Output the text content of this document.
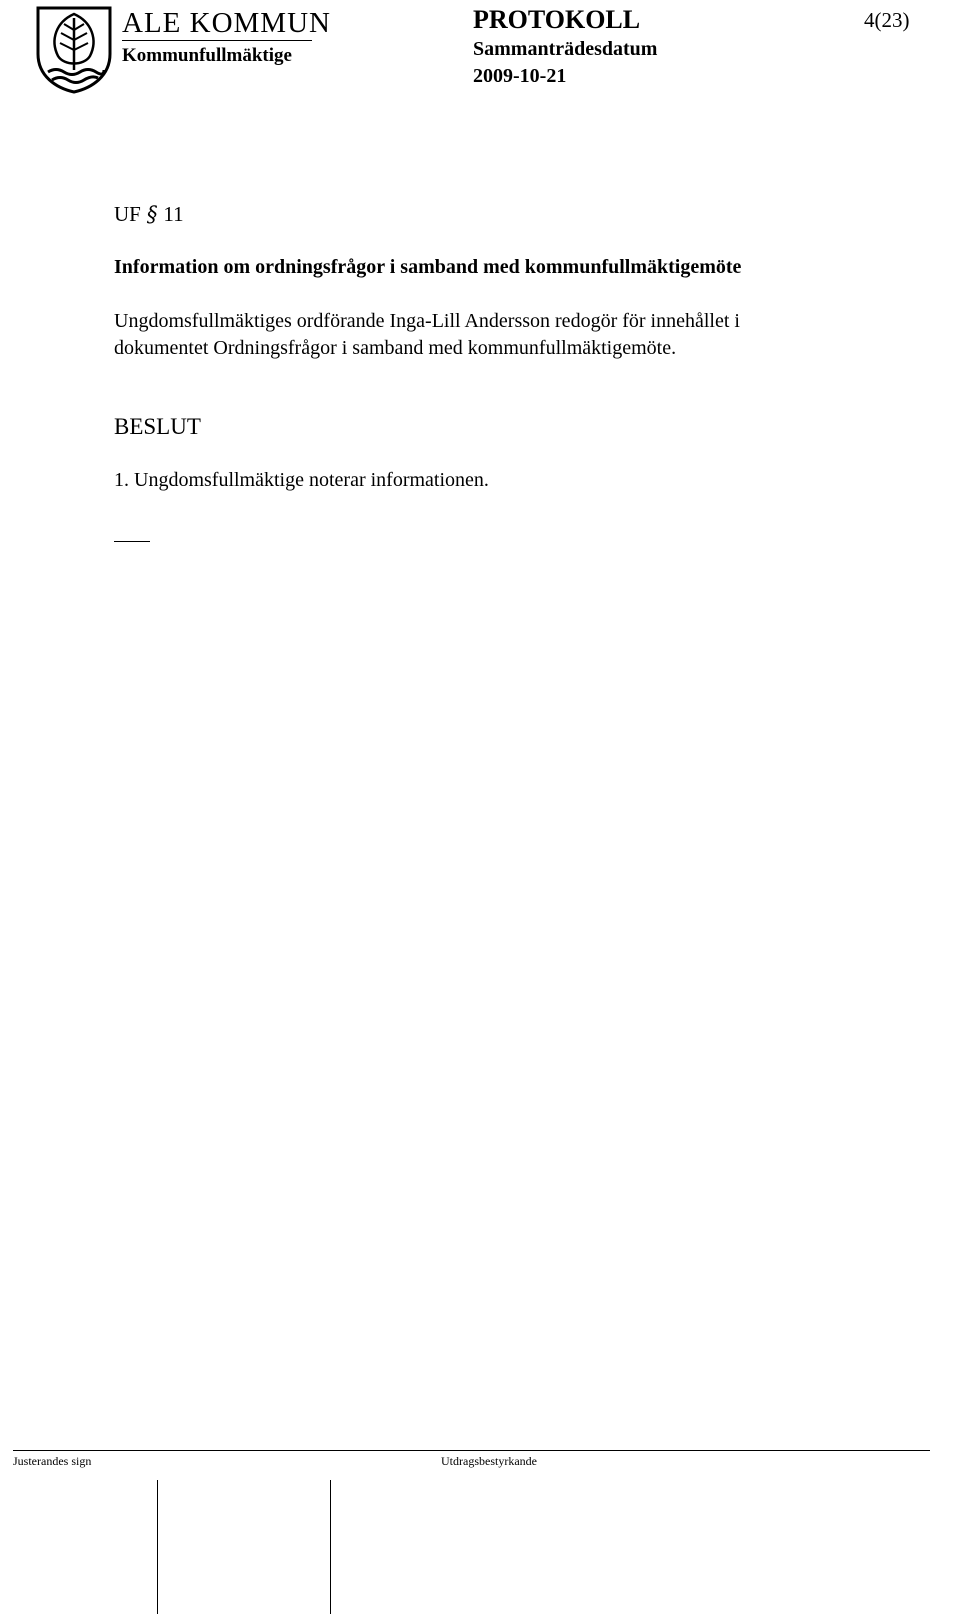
ALE KOMMUN
Kommunfullmäktige
PROTOKOLL
Sammanträdesdatum
2009-10-21
4(23)
UF § 11
Information om ordningsfrågor i samband med kommunfullmäktigemöte

Ungdomsfullmäktiges ordförande Inga-Lill Andersson redogör för innehållet i

dokumentet Ordningsfrågor i samband med kommunfullmäktigemöte.

BESLUT
1. Ungdomsfullmäktige noterar informationen.
Justerandes sign	Utdragsbestyrkande
